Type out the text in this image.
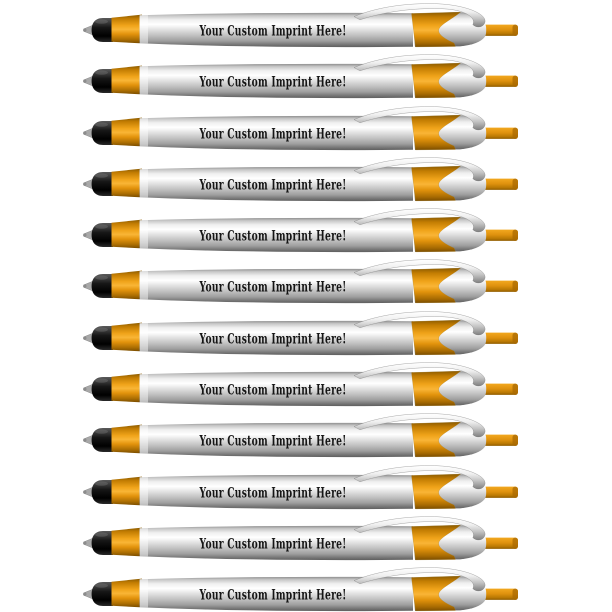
Your Custom Imprint Here!
Your Custom Imprint Here!
Your Custom Imprint Here!
Your Custom Imprint Here!
Your Custom Imprint Here!
Your Custom Imprint Here!
Your Custom Imprint Here!
Your Custom Imprint Here!
Your Custom Imprint Here!
Your Custom Imprint Here!
Your Custom Imprint Here!
Your Custom Imprint Here!
